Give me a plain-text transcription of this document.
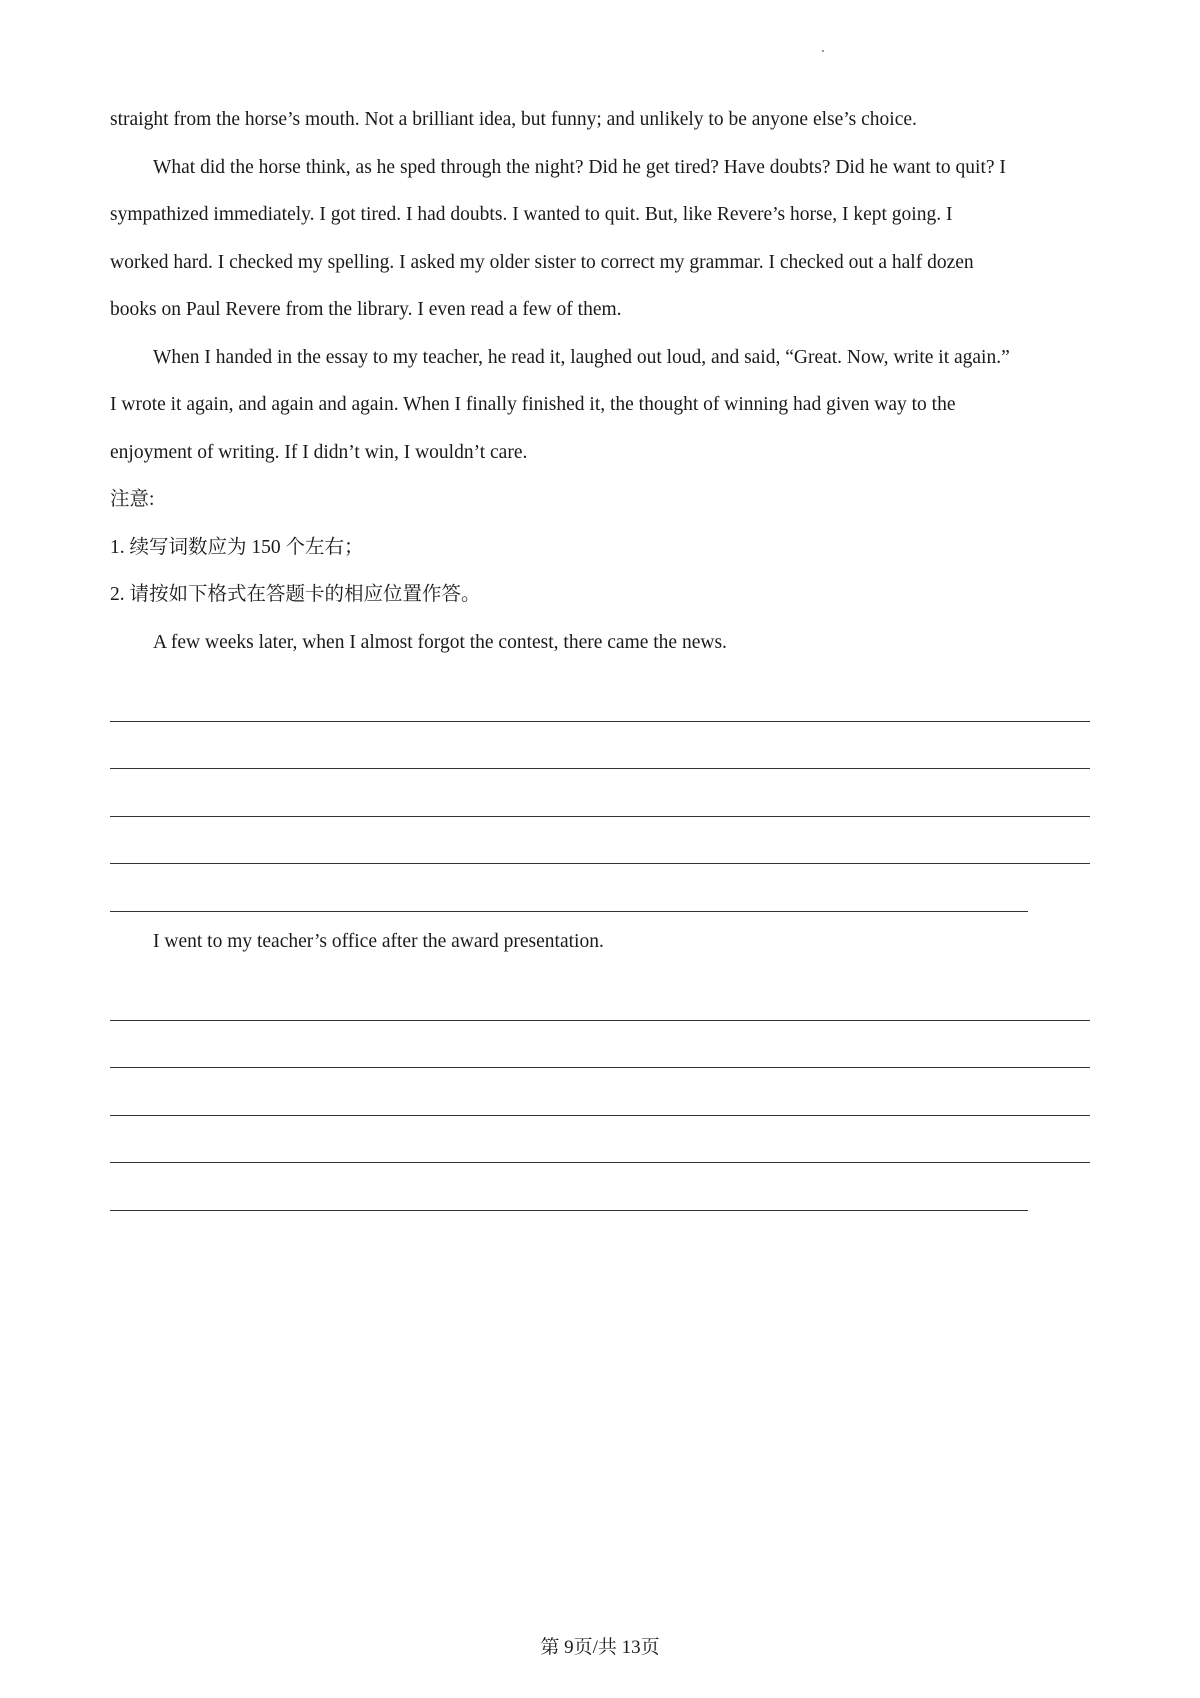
straight from the horse’s mouth. Not a brilliant idea, but funny; and unlikely to be anyone else’s choice.
What did the horse think, as he sped through the night? Did he get tired? Have doubts? Did he want to quit? I
sympathized immediately. I got tired. I had doubts. I wanted to quit. But, like Revere’s horse, I kept going. I
worked hard. I checked my spelling. I asked my older sister to correct my grammar. I checked out a half dozen
books on Paul Revere from the library. I even read a few of them.
When I handed in the essay to my teacher, he read it, laughed out loud, and said, “Great. Now, write it again.”
I wrote it again, and again and again. When I finally finished it, the thought of winning had given way to the
enjoyment of writing. If I didn’t win, I wouldn’t care.
注意:
1. 续写词数应为 150 个左右；
2. 请按如下格式在答题卡的相应位置作答。
A few weeks later, when I almost forgot the contest, there came the news.
I went to my teacher’s office after the award presentation.
第 9页/共 13页
